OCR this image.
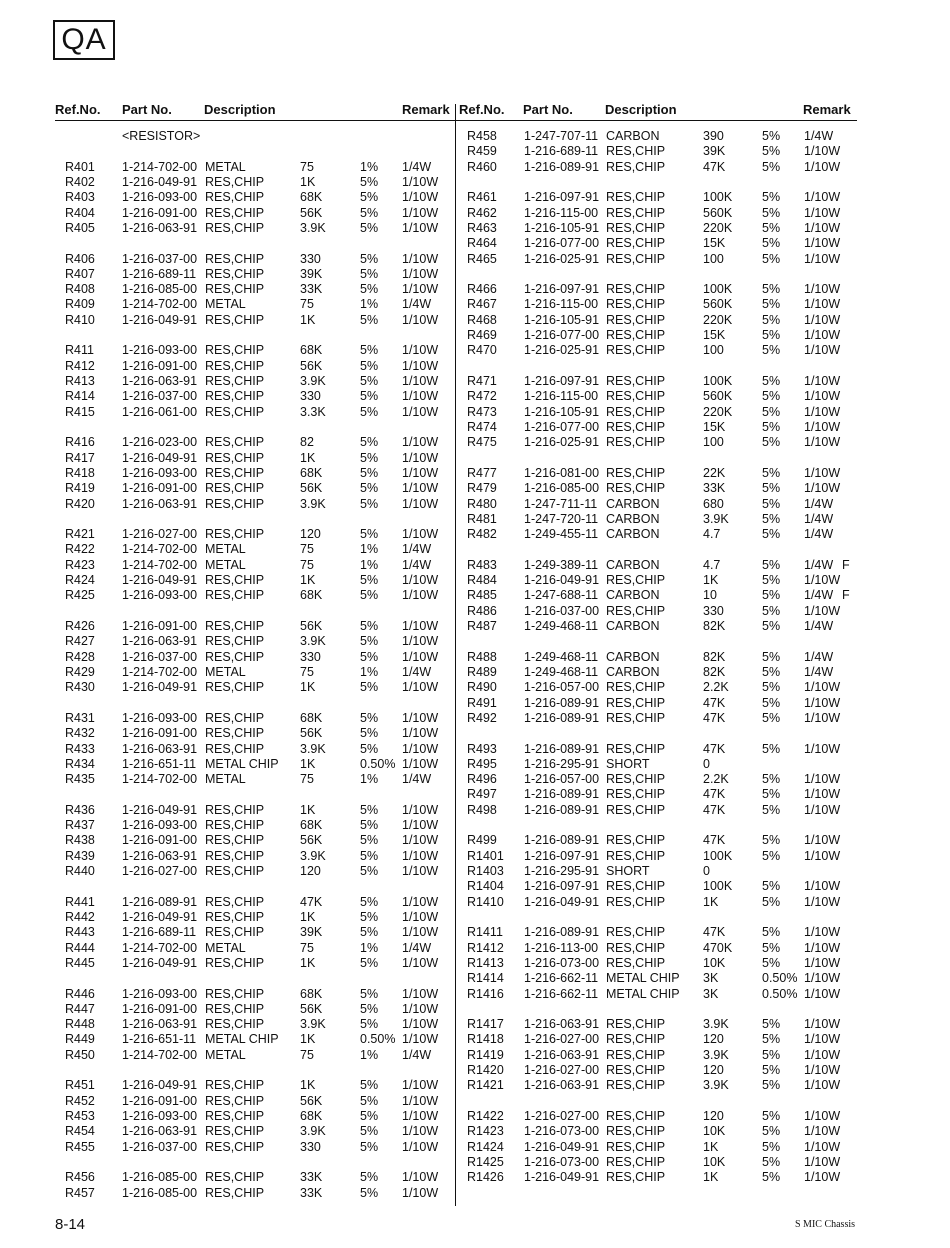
QA
Ref.No. Part No. Description	Remark Ref.No. Part No. Description	Remark
<RESISTOR>
R401 1-214-702-00 METAL	75	1% 1/4W
R402 1-216-049-91 RES,CHIP	1K	5% 1/10W
R403 1-216-093-00 RES,CHIP	68K	5% 1/10W
R404 1-216-091-00 RES,CHIP	56K	5% 1/10W
R405 1-216-063-91 RES,CHIP	3.9K	5% 1/10W
R406 1-216-037-00 RES,CHIP	330	5% 1/10W
R407 1-216-689-11 RES,CHIP	39K	5% 1/10W
R408 1-216-085-00 RES,CHIP	33K	5% 1/10W
R409 1-214-702-00 METAL	75	1% 1/4W
R410 1-216-049-91 RES,CHIP	1K	5% 1/10W
R411 1-216-093-00 RES,CHIP	68K	5% 1/10W
R412 1-216-091-00 RES,CHIP	56K	5% 1/10W
R413 1-216-063-91 RES,CHIP	3.9K	5% 1/10W
R414 1-216-037-00 RES,CHIP	330	5% 1/10W
R415 1-216-061-00 RES,CHIP	3.3K	5% 1/10W
R416 1-216-023-00 RES,CHIP	82	5% 1/10W
R417 1-216-049-91 RES,CHIP	1K	5% 1/10W
R418 1-216-093-00 RES,CHIP	68K	5% 1/10W
R419 1-216-091-00 RES,CHIP	56K	5% 1/10W
R420 1-216-063-91 RES,CHIP	3.9K	5% 1/10W
R421 1-216-027-00 RES,CHIP	120	5% 1/10W
R422 1-214-702-00 METAL	75	1% 1/4W
R423 1-214-702-00 METAL	75	1% 1/4W
R424 1-216-049-91 RES,CHIP	1K	5% 1/10W
R425 1-216-093-00 RES,CHIP	68K	5% 1/10W
R426 1-216-091-00 RES,CHIP	56K	5% 1/10W
R427 1-216-063-91 RES,CHIP	3.9K	5% 1/10W
R428 1-216-037-00 RES,CHIP	330	5% 1/10W
R429 1-214-702-00 METAL	75	1% 1/4W
R430 1-216-049-91 RES,CHIP	1K	5% 1/10W
R431 1-216-093-00 RES,CHIP	68K	5% 1/10W
R432 1-216-091-00 RES,CHIP	56K	5% 1/10W
R433 1-216-063-91 RES,CHIP	3.9K	5% 1/10W
R434 1-216-651-11 METAL CHIP 1K	0.50% 1/10W
R435 1-214-702-00 METAL	75	1% 1/4W
R436 1-216-049-91 RES,CHIP	1K	5% 1/10W
R437 1-216-093-00 RES,CHIP	68K	5% 1/10W
R438 1-216-091-00 RES,CHIP	56K	5% 1/10W
R439 1-216-063-91 RES,CHIP	3.9K	5% 1/10W
R440 1-216-027-00 RES,CHIP	120	5% 1/10W
R441 1-216-089-91 RES,CHIP	47K	5% 1/10W
R442 1-216-049-91 RES,CHIP	1K	5% 1/10W
R443 1-216-689-11 RES,CHIP	39K	5% 1/10W
R444 1-214-702-00 METAL	75	1% 1/4W
R445 1-216-049-91 RES,CHIP	1K	5% 1/10W
R446 1-216-093-00 RES,CHIP	68K	5% 1/10W
R447 1-216-091-00 RES,CHIP	56K	5% 1/10W
R448 1-216-063-91 RES,CHIP	3.9K	5% 1/10W
R449 1-216-651-11 METAL CHIP 1K	0.50% 1/10W
R450 1-214-702-00 METAL	75	1% 1/4W
R451 1-216-049-91 RES,CHIP	1K	5% 1/10W
R452 1-216-091-00 RES,CHIP	56K	5% 1/10W
R453 1-216-093-00 RES,CHIP	68K	5% 1/10W
R454 1-216-063-91 RES,CHIP	3.9K	5% 1/10W
R455 1-216-037-00 RES,CHIP	330	5% 1/10W
R456 1-216-085-00 RES,CHIP	33K	5% 1/10W
R457 1-216-085-00 RES,CHIP	33K	5% 1/10W
R458 1-247-707-11 CARBON	390	5% 1/4W
R459 1-216-689-11 RES,CHIP	39K	5% 1/10W
R460 1-216-089-91 RES,CHIP	47K	5% 1/10W
R461 1-216-097-91 RES,CHIP	100K 5% 1/10W
R462 1-216-115-00 RES,CHIP	560K 5% 1/10W
R463 1-216-105-91 RES,CHIP	220K 5% 1/10W
R464 1-216-077-00 RES,CHIP	15K	5% 1/10W
R465 1-216-025-91 RES,CHIP	100	5% 1/10W
R466 1-216-097-91 RES,CHIP	100K 5% 1/10W
R467 1-216-115-00 RES,CHIP	560K 5% 1/10W
R468 1-216-105-91 RES,CHIP	220K 5% 1/10W
R469 1-216-077-00 RES,CHIP	15K	5% 1/10W
R470 1-216-025-91 RES,CHIP	100	5% 1/10W
R471 1-216-097-91 RES,CHIP	100K 5% 1/10W
R472 1-216-115-00 RES,CHIP	560K 5% 1/10W
R473 1-216-105-91 RES,CHIP	220K 5% 1/10W
R474 1-216-077-00 RES,CHIP	15K	5% 1/10W
R475 1-216-025-91 RES,CHIP	100	5% 1/10W
R477 1-216-081-00 RES,CHIP	22K	5% 1/10W
R479 1-216-085-00 RES,CHIP	33K	5% 1/10W
R480 1-247-711-11 CARBON	680	5% 1/4W
R481 1-247-720-11 CARBON	3.9K	5% 1/4W
R482 1-249-455-11 CARBON	4.7	5% 1/4W
R483 1-249-389-11 CARBON	4.7	5% 1/4W F
R484 1-216-049-91 RES,CHIP	1K	5% 1/10W
R485 1-247-688-11 CARBON	10	5% 1/4W F
R486 1-216-037-00 RES,CHIP	330	5% 1/10W
R487 1-249-468-11 CARBON	82K	5% 1/4W
R488 1-249-468-11 CARBON	82K	5% 1/4W
R489 1-249-468-11 CARBON	82K	5% 1/4W
R490 1-216-057-00 RES,CHIP	2.2K	5% 1/10W
R491 1-216-089-91 RES,CHIP	47K	5% 1/10W
R492 1-216-089-91 RES,CHIP	47K	5% 1/10W
R493 1-216-089-91 RES,CHIP	47K	5% 1/10W
R495 1-216-295-91 SHORT	0
R496 1-216-057-00 RES,CHIP	2.2K	5% 1/10W
R497 1-216-089-91 RES,CHIP	47K	5% 1/10W
R498 1-216-089-91 RES,CHIP	47K	5% 1/10W
R499 1-216-089-91 RES,CHIP	47K	5% 1/10W
R1401 1-216-097-91 RES,CHIP	100K 5% 1/10W
R1403 1-216-295-91 SHORT	0
R1404 1-216-097-91 RES,CHIP	100K 5% 1/10W
R1410 1-216-049-91 RES,CHIP	1K	5% 1/10W
R1411 1-216-089-91 RES,CHIP	47K	5% 1/10W
R1412 1-216-113-00 RES,CHIP	470K 5% 1/10W
R1413 1-216-073-00 RES,CHIP	10K	5% 1/10W
R1414 1-216-662-11 METAL CHIP 3K	0.50% 1/10W
R1416 1-216-662-11 METAL CHIP 3K	0.50% 1/10W
R1417 1-216-063-91 RES,CHIP	3.9K	5% 1/10W
R1418 1-216-027-00 RES,CHIP	120	5% 1/10W
R1419 1-216-063-91 RES,CHIP	3.9K	5% 1/10W
R1420 1-216-027-00 RES,CHIP	120	5% 1/10W
R1421 1-216-063-91 RES,CHIP	3.9K	5% 1/10W
R1422 1-216-027-00 RES,CHIP	120	5% 1/10W
R1423 1-216-073-00 RES,CHIP	10K	5% 1/10W
R1424 1-216-049-91 RES,CHIP	1K	5% 1/10W
R1425 1-216-073-00 RES,CHIP	10K	5% 1/10W
R1426 1-216-049-91 RES,CHIP	1K	5% 1/10W
8-14	S MIC Chassis
